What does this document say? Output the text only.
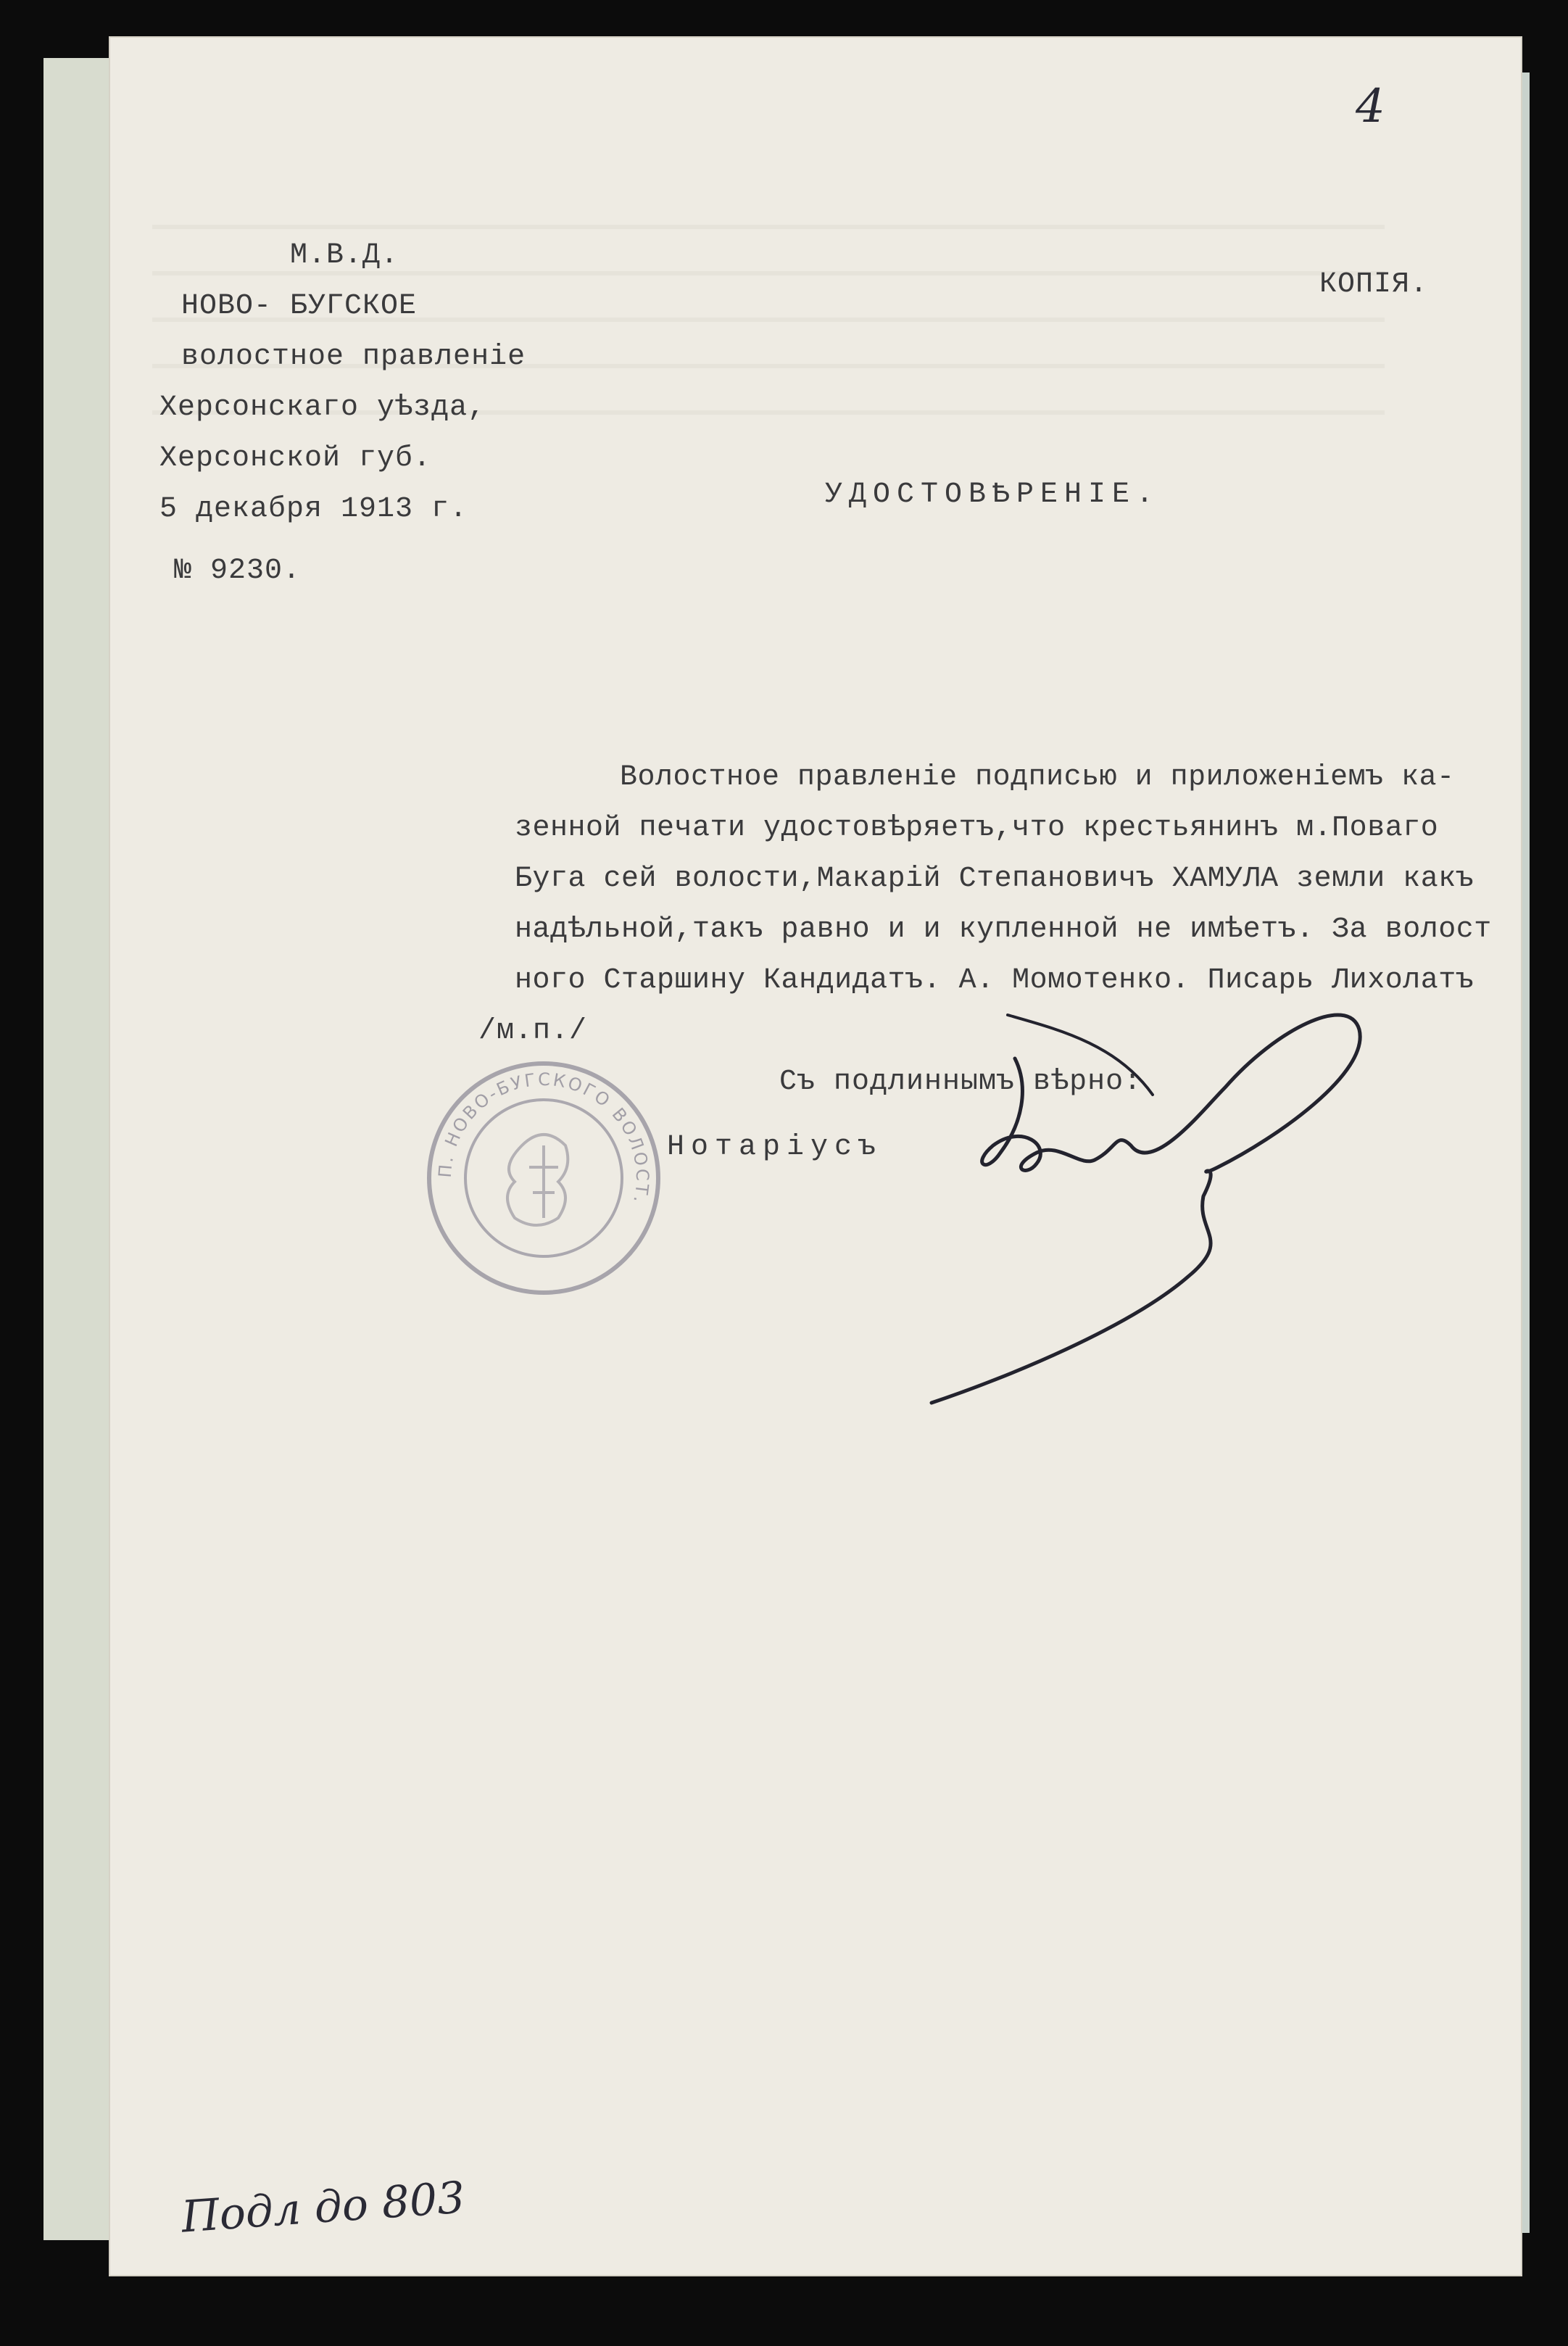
4
М.В.Д.
НОВО- БУГСКОЕ
волостное правленіе
Херсонскаго уѣзда,
Херсонской губ.
5 декабря 1913 г.
№ 9230.
КОПІЯ.
УДОСТОВѢРЕНІЕ.
Волостное правленіе подписью и приложеніемъ ка-
зенной печати удостовѣряетъ,что крестьянинъ м.Поваго
Буга сей волости,Макарій Степановичъ ХАМУЛА земли какъ
надѣльной,такъ равно и и купленной не имѣетъ. За волост
ного Старшину Кандидатъ. А. Момотенко. Писарь Лихолатъ
/м.п./
Съ подлиннымъ вѣрно:
Нотаріусъ
Подл до 803
П. НОВО-БУГСКОГО ВОЛОСТ.
